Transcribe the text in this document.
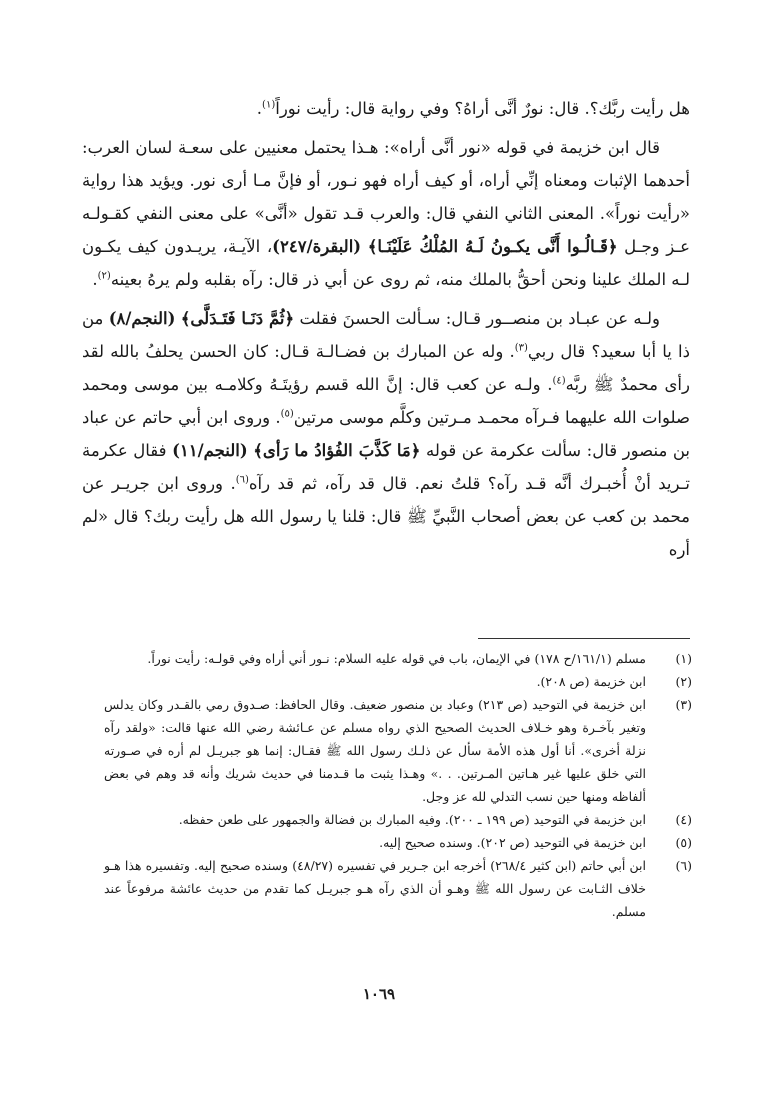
هل رأيت ربَّك؟. قال: نورٌ أنَّى أراهُ؟ وفي رواية قال: رأيت نوراً$^{(١)}$.

قال ابن خزيمة في قوله «نور أنَّى أراه»: هـذا يحتمل معنيين على سعـة لسان العرب: أحدهما الإثبات ومعناه إنِّي أراه، أو كيف أراه فهو نـور، أو فإنَّ مـا أرى نور. ويؤيد هذا رواية «رأيت نوراً». المعنى الثاني النفي قال: والعرب قـد تقول «أنَّى» على معنى النفي كقـولـه عـز وجـل ﴿قَـالُـوا أَنَّى يكـونُ لَـهُ المُلْكُ عَلَيْنَـا﴾ (البقرة/٢٤٧)، الآيـة، يريـدون كيف يكـون لـه الملك علينا ونحن أحقُّ بالملك منه، ثم روى عن أبي ذر قال: رآه بقلبه ولم يرهُ بعينه$^{(٢)}$.

ولـه عن عبـاد بن منصــور قـال: سـألت الحسنَ فقلت ﴿ثُمَّ دَنَـا فَتَـدَلَّى﴾ (النجم/٨) من ذا يا أبا سعيد؟ قال ربي$^{(٣)}$. وله عن المبارك بن فضـالـة قـال: كان الحسن يحلفُ بالله لقد رأى محمدٌ ﷺ ربَّه$^{(٤)}$. ولـه عن كعب قال: إنَّ الله قسم رؤيتَـهُ وكلامـه بين موسى ومحمد صلوات الله عليهما فـرآه محمـد مـرتين وكلَّم موسى مرتين$^{(٥)}$. وروى ابن أبي حاتم عن عباد بن منصور قال: سألت عكرمة عن قوله ﴿مَا كَذَّبَ الفُؤادُ ما رَأى﴾ (النجم/١١) فقال عكرمة تـريد أنْ أُخبـرك أنَّه قـد رآه؟ قلتُ نعم. قال قد رآه، ثم قد رآه$^{(٦)}$. وروى ابن جريـر عن محمد بن كعب عن بعض أصحاب النَّبيِّ ﷺ قال: قلنا يا رسول الله هل رأيت ربك؟ قال «لم أره

(١)
مسلم (١٦١/١/ح ١٧٨) في الإيمان، باب في قوله عليه السلام: نـور أني أراه وفي قولـه: رأيت نوراً.
(٢)
ابن خزيمة (ص ٢٠٨).
(٣)
ابن خزيمة في التوحيد (ص ٢١٣) وعباد بن منصور ضعيف. وقال الحافظ: صـدوق رمي بالقـدر وكان يدلس وتغير بآخـرة وهو خـلاف الحديث الصحيح الذي رواه مسلم عن عـائشة رضي الله عنها قالت: «ولقد رآه نزلة أخرى». أنا أول هذه الأمة سأل عن ذلـك رسول الله ﷺ فقـال: إنما هو جبريـل لم أره في صـورته التي خلق عليها غير هـاتين المـرتين. . .» وهـذا يثبت ما قـدمنا في حديث شريك وأنه قد وهم في بعض ألفاظه ومنها حين نسب التدلي لله عز وجل.
(٤)
ابن خزيمة في التوحيد (ص ١٩٩ ـ ٢٠٠). وفيه المبارك بن فضالة والجمهور على طعن حفظه.
(٥)
ابن خزيمة في التوحيد (ص ٢٠٢). وسنده صحيح إليه.
(٦)
ابن أبي حاتم (ابن كثير ٢٦٨/٤) أخرجه ابن جـرير في تفسيره (٤٨/٢٧) وسنده صحيح إليه. وتفسيره هذا هـو خلاف الثـابت عن رسول الله ﷺ وهـو أن الذي رآه هـو جبريـل كما تقدم من حديث عائشة مرفوعاً عند مسلم.
١٠٦٩
